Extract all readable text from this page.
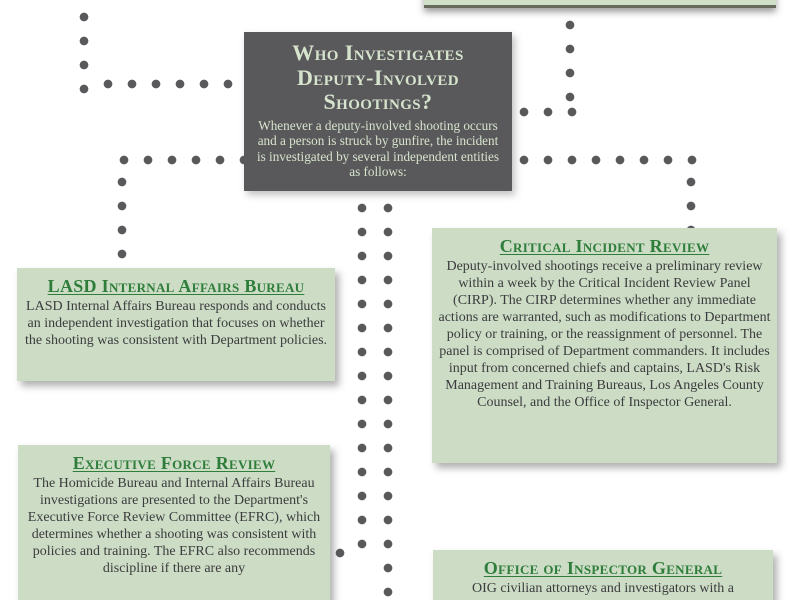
Who Investigates Deputy-Involved Shootings?

Whenever a deputy-involved shooting occurs and a person is struck by gunfire, the incident is investigated by several independent entities as follows:

LASD Internal Affairs Bureau

LASD Internal Affairs Bureau responds and conducts an independent investigation that focuses on whether the shooting was consistent with Department policies.

Critical Incident Review

Deputy-involved shootings receive a preliminary review within a week by the Critical Incident Review Panel (CIRP). The CIRP determines whether any immediate actions are warranted, such as modifications to Department policy or training, or the reassignment of personnel. The panel is comprised of Department commanders. It includes input from concerned chiefs and captains, LASD's Risk Management and Training Bureaus, Los Angeles County Counsel, and the Office of Inspector General.

Executive Force Review

The Homicide Bureau and Internal Affairs Bureau investigations are presented to the Department's Executive Force Review Committee (EFRC), which determines whether a shooting was consistent with policies and training. The EFRC also recommends discipline if there are any	Office of Inspector General

OIG civilian attorneys and investigators with a
